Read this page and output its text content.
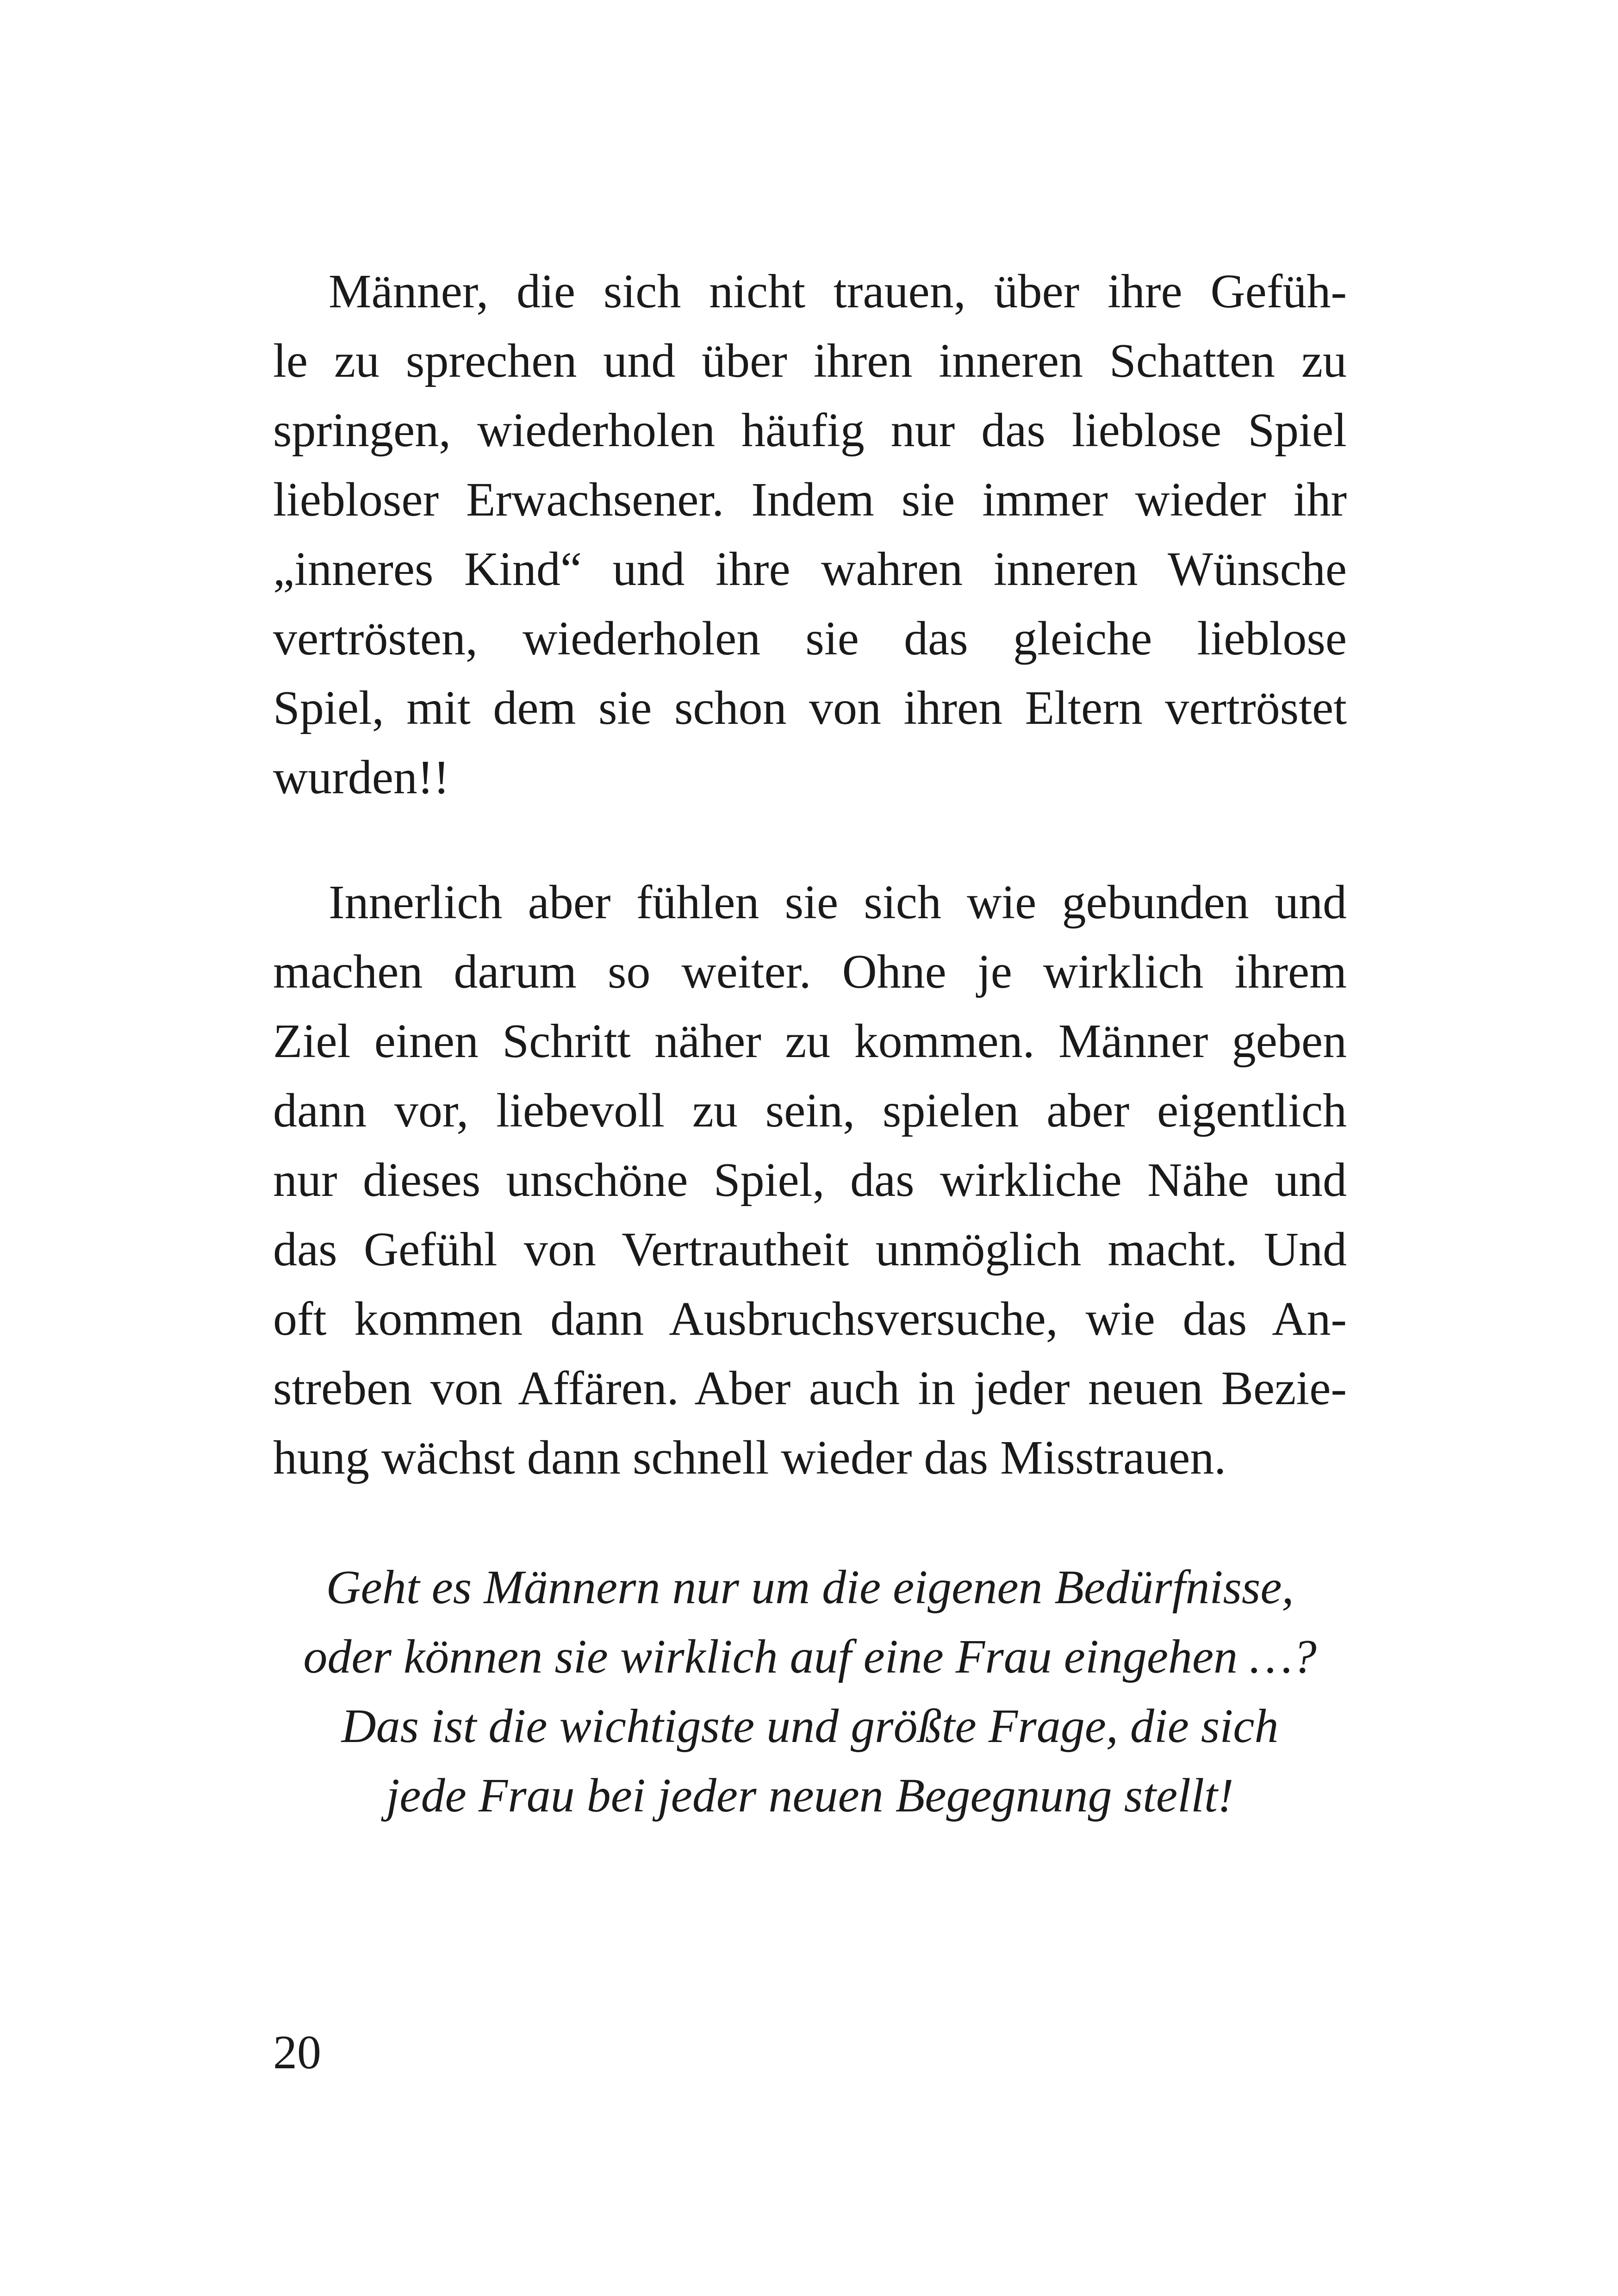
Männer, die sich nicht trauen, über ihre Gefüh-
le zu sprechen und über ihren inneren Schatten zu
springen, wiederholen häufig nur das lieblose Spiel
liebloser Erwachsener. Indem sie immer wieder ihr
„inneres Kind“ und ihre wahren inneren Wünsche
vertrösten, wiederholen sie das gleiche lieblose
Spiel, mit dem sie schon von ihren Eltern vertröstet
wurden!!
Innerlich aber fühlen sie sich wie gebunden und
machen darum so weiter. Ohne je wirklich ihrem
Ziel einen Schritt näher zu kommen. Männer geben
dann vor, liebevoll zu sein, spielen aber eigentlich
nur dieses unschöne Spiel, das wirkliche Nähe und
das Gefühl von Vertrautheit unmöglich macht. Und
oft kommen dann Ausbruchsversuche, wie das An-
streben von Affären. Aber auch in jeder neuen Bezie-
hung wächst dann schnell wieder das Misstrauen.
Geht es Männern nur um die eigenen Bedürfnisse,
oder können sie wirklich auf eine Frau eingehen …?
Das ist die wichtigste und größte Frage, die sich
jede Frau bei jeder neuen Begegnung stellt!
20
